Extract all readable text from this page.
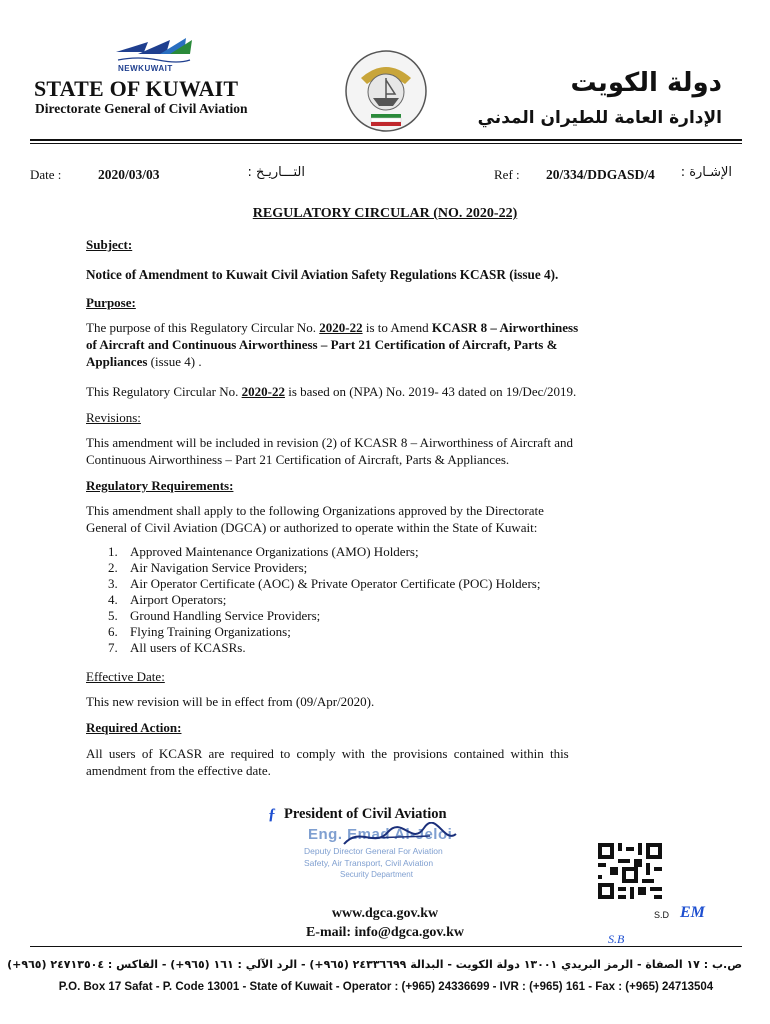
NEWKUWAIT
STATE OF KUWAIT
Directorate General of Civil Aviation
دولة الكويت
الإدارة العامة للطيران المدني
Date :	2020/03/03	التـــاريـخ :	Ref : 20/334/DDGASD/4 الإشـارة :
REGULATORY CIRCULAR (NO. 2020-22)
Subject:
Notice of Amendment to Kuwait Civil Aviation Safety Regulations KCASR (issue 4).
Purpose:
The purpose of this Regulatory Circular No. 2020-22 is to Amend KCASR 8 – Airworthiness
of Aircraft and Continuous Airworthiness – Part 21 Certification of Aircraft, Parts &
Appliances (issue 4) .
This Regulatory Circular No. 2020-22 is based on (NPA) No. 2019- 43 dated on 19/Dec/2019.
Revisions:
This amendment will be included in revision (2) of KCASR 8 – Airworthiness of Aircraft and
Continuous Airworthiness – Part 21 Certification of Aircraft, Parts & Appliances.
Regulatory Requirements:
This amendment shall apply to the following Organizations approved by the Directorate
General of Civil Aviation (DGCA) or authorized to operate within the State of Kuwait:
1. Approved Maintenance Organizations (AMO) Holders;
2. Air Navigation Service Providers;
3. Air Operator Certificate (AOC) & Private Operator Certificate (POC) Holders;
4. Airport Operators;
5. Ground Handling Service Providers;
6. Flying Training Organizations;
7. All users of KCASRs.
Effective Date:
This new revision will be in effect from (09/Apr/2020).
Required Action:
All users of KCASR are required to comply with the provisions contained within this
amendment from the effective date.
ƒ President of Civil Aviation
Eng. Emad Al-Jeloi
Deputy Director General For Aviation
Safety, Air Transport, Civil Aviation
Security Department
S.D EM
S.B
www.dgca.gov.kw
E-mail: info@dgca.gov.kw
ص.ب : ١٧ الصفاة - الرمز البريدي ١٣٠٠١ دولة الكويت - البدالة ٢٤٣٣٦٦٩٩ (٩٦٥+) - الرد الآلي : ١٦١ (٩٦٥+) - الفاكس : ٢٤٧١٣٥٠٤ (٩٦٥+)
P.O. Box 17 Safat - P. Code 13001 - State of Kuwait - Operator : (+965) 24336699 - IVR : (+965) 161 - Fax : (+965) 24713504
